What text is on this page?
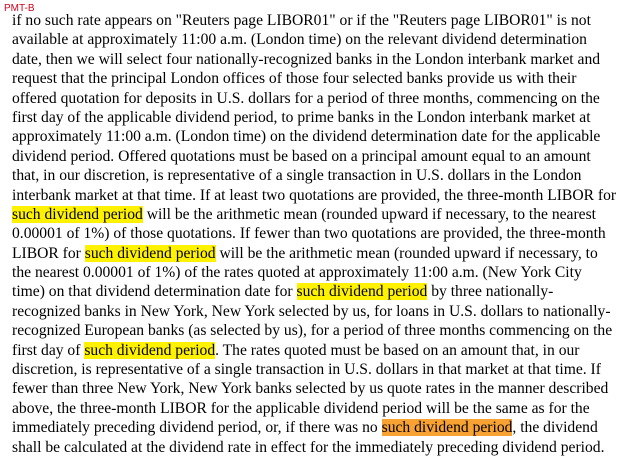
PMT-B
if no such rate appears on "Reuters page LIBOR01" or if the "Reuters page LIBOR01" is not
available at approximately 11:00 a.m. (London time) on the relevant dividend determination
date, then we will select four nationally-recognized banks in the London interbank market and
request that the principal London offices of those four selected banks provide us with their
offered quotation for deposits in U.S. dollars for a period of three months, commencing on the
first day of the applicable dividend period, to prime banks in the London interbank market at
approximately 11:00 a.m. (London time) on the dividend determination date for the applicable
dividend period. Offered quotations must be based on a principal amount equal to an amount
that, in our discretion, is representative of a single transaction in U.S. dollars in the London
interbank market at that time. If at least two quotations are provided, the three-month LIBOR for
such dividend period will be the arithmetic mean (rounded upward if necessary, to the nearest
0.00001 of 1%) of those quotations. If fewer than two quotations are provided, the three-month
LIBOR for such dividend period will be the arithmetic mean (rounded upward if necessary, to
the nearest 0.00001 of 1%) of the rates quoted at approximately 11:00 a.m. (New York City
time) on that dividend determination date for such dividend period by three nationally-
recognized banks in New York, New York selected by us, for loans in U.S. dollars to nationally-
recognized European banks (as selected by us), for a period of three months commencing on the
first day of such dividend period. The rates quoted must be based on an amount that, in our
discretion, is representative of a single transaction in U.S. dollars in that market at that time. If
fewer than three New York, New York banks selected by us quote rates in the manner described
above, the three-month LIBOR for the applicable dividend period will be the same as for the
immediately preceding dividend period, or, if there was no such dividend period, the dividend
shall be calculated at the dividend rate in effect for the immediately preceding dividend period.
